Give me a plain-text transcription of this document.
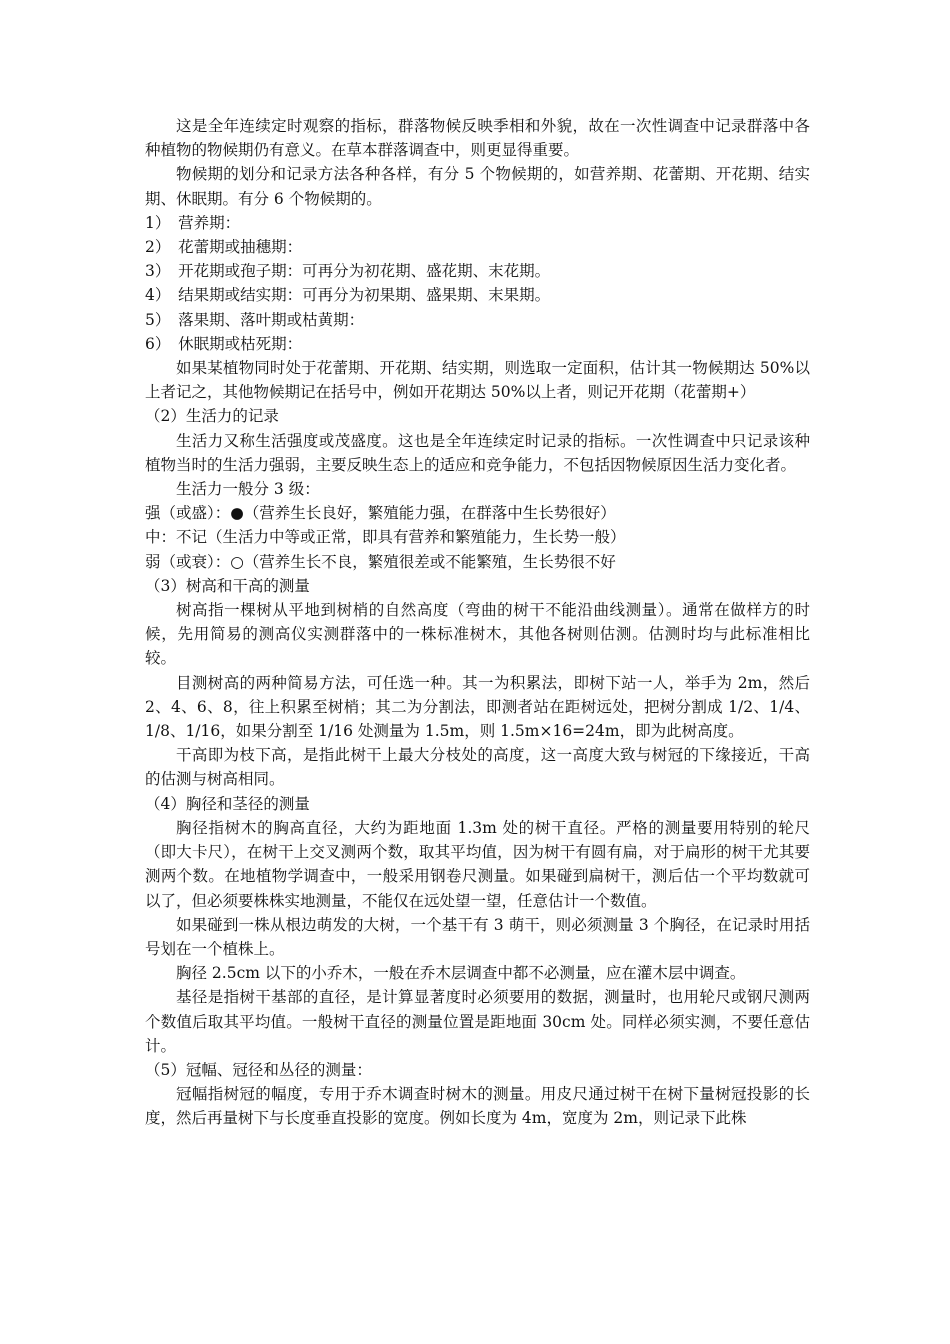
这是全年连续定时观察的指标，群落物候反映季相和外貌，故在一次性调查中记录群落中各种植物的物候期仍有意义。在草本群落调查中，则更显得重要。

物候期的划分和记录方法各种各样，有分 5 个物候期的，如营养期、花蕾期、开花期、结实期、休眠期。有分 6 个物候期的。

1）　营养期：

2）　花蕾期或抽穗期：

3）　开花期或孢子期：可再分为初花期、盛花期、末花期。

4）　结果期或结实期：可再分为初果期、盛果期、末果期。

5）　落果期、落叶期或枯黄期：

6）　休眠期或枯死期：

如果某植物同时处于花蕾期、开花期、结实期，则选取一定面积，估计其一物候期达 50%以上者记之，其他物候期记在括号中，例如开花期达 50%以上者，则记开花期（花蕾期+）

（2）生活力的记录

生活力又称生活强度或茂盛度。这也是全年连续定时记录的指标。一次性调查中只记录该种植物当时的生活力强弱，主要反映生态上的适应和竞争能力，不包括因物候原因生活力变化者。

生活力一般分 3 级：

强（或盛）：●（营养生长良好，繁殖能力强，在群落中生长势很好）

中：不记（生活力中等或正常，即具有营养和繁殖能力，生长势一般）

弱（或衰）：○（营养生长不良，繁殖很差或不能繁殖，生长势很不好

（3）树高和干高的测量

树高指一棵树从平地到树梢的自然高度（弯曲的树干不能沿曲线测量）。通常在做样方的时候，先用简易的测高仪实测群落中的一株标准树木，其他各树则估测。估测时均与此标准相比较。

目测树高的两种简易方法，可任选一种。其一为积累法，即树下站一人，举手为 2m，然后 2、4、6、8，往上积累至树梢；其二为分割法，即测者站在距树远处，把树分割成 1/2、1/4、1/8、1/16，如果分割至 1/16 处测量为 1.5m，则 1.5m×16=24m，即为此树高度。

干高即为枝下高，是指此树干上最大分枝处的高度，这一高度大致与树冠的下缘接近，干高的估测与树高相同。

（4）胸径和茎径的测量

胸径指树木的胸高直径，大约为距地面 1.3m 处的树干直径。严格的测量要用特别的轮尺（即大卡尺），在树干上交叉测两个数，取其平均值，因为树干有圆有扁，对于扁形的树干尤其要测两个数。在地植物学调查中，一般采用钢卷尺测量。如果碰到扁树干，测后估一个平均数就可以了，但必须要株株实地测量，不能仅在远处望一望，任意估计一个数值。

如果碰到一株从根边萌发的大树，一个基干有 3 萌干，则必须测量 3 个胸径，在记录时用括号划在一个植株上。

胸径 2.5cm 以下的小乔木，一般在乔木层调查中都不必测量，应在灌木层中调查。

基径是指树干基部的直径，是计算显著度时必须要用的数据，测量时，也用轮尺或钢尺测两个数值后取其平均值。一般树干直径的测量位置是距地面 30cm 处。同样必须实测，不要任意估计。

（5）冠幅、冠径和丛径的测量：

冠幅指树冠的幅度，专用于乔木调查时树木的测量。用皮尺通过树干在树下量树冠投影的长度，然后再量树下与长度垂直投影的宽度。例如长度为 4m，宽度为 2m，则记录下此株
